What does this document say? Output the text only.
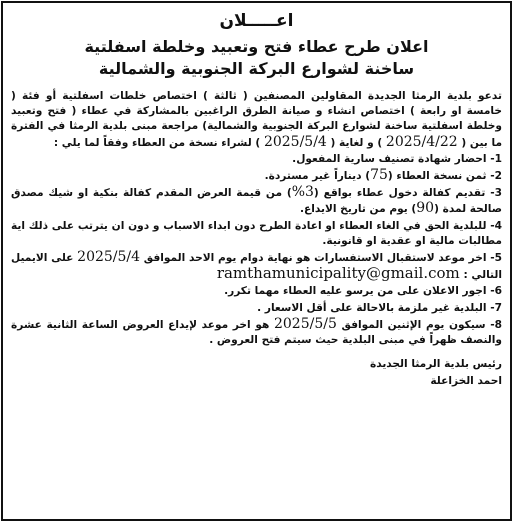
اعـــــلان
اعلان طرح عطاء فتح وتعبيد وخلطة اسفلتية
ساخنة لشوارع البركة الجنوبية والشمالية
تدعو بلدية الرمثا الجديدة المقاولين المصنفين ( ثالثة ) اختصاص خلطات اسفلتية أو فئة ( خامسة او رابعة ) اختصاص انشاء و صيانة الطرق الراغبين بالمشاركة في عطاء ( فتح وتعبيد وخلطة اسفلتية ساخنة لشوارع البركة الجنوبية والشمالية) مراجعة مبنى بلدية الرمثا في الفترة ما بين ( 2025/4/22 ) و لغاية ( 2025/5/4 ) لشراء نسخة من العطاء وفقاً لما يلي :
1- احضار شهادة تصنيف سارية المفعول.
2- ثمن نسخة العطاء (75) ديناراً غير مستردة.
3- تقديم كفالة دخول عطاء بواقع (3%) من قيمة العرض المقدم كفالة بنكية او شيك مصدق صالحة لمدة (90) يوم من تاريخ الايداع.
4- للبلدية الحق في الغاء العطاء او اعادة الطرح دون ابداء الاسباب و دون ان يترتب على ذلك اية مطالبات مالية او عقدية او قانونية.
5- اخر موعد لاستقبال الاستفسارات هو نهاية دوام يوم الاحد الموافق 2025/5/4 على الايميل التالي : ramthamunicipality@gmail.com
6- اجور الاعلان على من يرسو عليه العطاء مهما تكرر.
7- البلدية غير ملزمة بالاحالة على أقل الاسعار .
8- سيكون يوم الإثنين الموافق 2025/5/5 هو اخر موعد لإيداع العروض الساعة الثانية عشرة والنصف ظهراً في مبنى البلدية حيث سيتم فتح العروض .
رئيس بلدية الرمثا الجديدة
احمد الخزاعلة
